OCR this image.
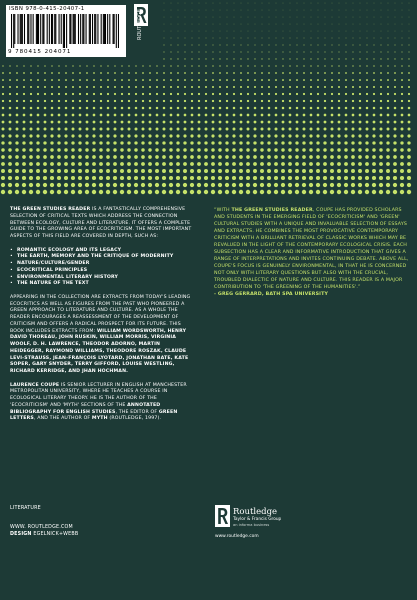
ISBN 978-0-415-20407-1
9 780415 204071
ROUTLEDGE

THE GREEN STUDIES READER IS A FANTASTICALLY COMPREHENSIVE SELECTION OF CRITICAL TEXTS WHICH ADDRESS THE CONNECTION BETWEEN ECOLOGY, CULTURE AND LITERATURE. IT OFFERS A COMPLETE GUIDE TO THE GROWING AREA OF ECOCRITICISM. THE MOST IMPORTANT ASPECTS OF THIS FIELD ARE COVERED IN DEPTH, SUCH AS:

• ROMANTIC ECOLOGY AND ITS LEGACY
• THE EARTH, MEMORY AND THE CRITIQUE OF MODERNITY
• NATURE/CULTURE/GENDER
• ECOCRITICAL PRINCIPLES
• ENVIRONMENTAL LITERARY HISTORY
• THE NATURE OF THE TEXT

APPEARING IN THE COLLECTION ARE EXTRACTS FROM TODAY'S LEADING ECOCRITICS AS WELL AS FIGURES FROM THE PAST WHO PIONEERED A GREEN APPROACH TO LITERATURE AND CULTURE. AS A WHOLE THE READER ENCOURAGES A REASSESSMENT OF THE DEVELOPMENT OF CRITICISM AND OFFERS A RADICAL PROSPECT FOR ITS FUTURE. THIS BOOK INCLUDES EXTRACTS FROM: WILLIAM WORDSWORTH, HENRY DAVID THOREAU, JOHN RUSKIN, WILLIAM MORRIS, VIRGINIA WOOLF, D. H. LAWRENCE, THEODOR ADORNO, MARTIN HEIDEGGER, RAYMOND WILLIAMS, THEODORE ROSZAK, CLAUDE LEVI-STRAUSS, JEAN-FRANÇOIS LYOTARD, JONATHAN BATE, KATE SOPER, GARY SNYDER, TERRY GIFFORD, LOUISE WESTLING, RICHARD KERRIDGE, AND JHAN HOCHMAN.

LAURENCE COUPE IS SENIOR LECTURER IN ENGLISH AT MANCHESTER METROPOLITAN UNIVERSITY, WHERE HE TEACHES A COURSE IN ECOLOGICAL LITERARY THEORY. HE IS THE AUTHOR OF THE 'ECOCRITICISM' AND 'MYTH' SECTIONS OF THE ANNOTATED BIBLIOGRAPHY FOR ENGLISH STUDIES, THE EDITOR OF GREEN LETTERS, AND THE AUTHOR OF MYTH (ROUTLEDGE, 1997).

“WITH THE GREEN STUDIES READER, COUPE HAS PROVIDED SCHOLARS AND STUDENTS IN THE EMERGING FIELD OF 'ECOCRITICISM' AND 'GREEN' CULTURAL STUDIES WITH A UNIQUE AND INVALUABLE SELECTION OF ESSAYS AND EXTRACTS. HE COMBINES THE MOST PROVOCATIVE CONTEMPORARY CRITICISM WITH A BRILLIANT RETRIEVAL OF CLASSIC WORKS WHICH MAY BE REVALUED IN THE LIGHT OF THE CONTEMPORARY ECOLOGICAL CRISIS. EACH SUBSECTION HAS A CLEAR AND INFORMATIVE INTRODUCTION THAT GIVES A RANGE OF INTERPRETATIONS AND INVITES CONTINUING DEBATE. ABOVE ALL, COUPE'S FOCUS IS GENUINELY ENVIRONMENTAL, IN THAT HE IS CONCERNED NOT ONLY WITH LITERARY QUESTIONS BUT ALSO WITH THE CRUCIAL, TROUBLED DIALECTIC OF NATURE AND CULTURE. THIS READER IS A MAJOR CONTRIBUTION TO 'THE GREENING OF THE HUMANITIES'.”
- GREG GERRARD, BATH SPA UNIVERSITY

LITERATURE
WWW. ROUTLEDGE.COM
DESIGN EGELNICK+WEBB
Routledge
Taylor & Francis Group
an informa business
www.routledge.com
